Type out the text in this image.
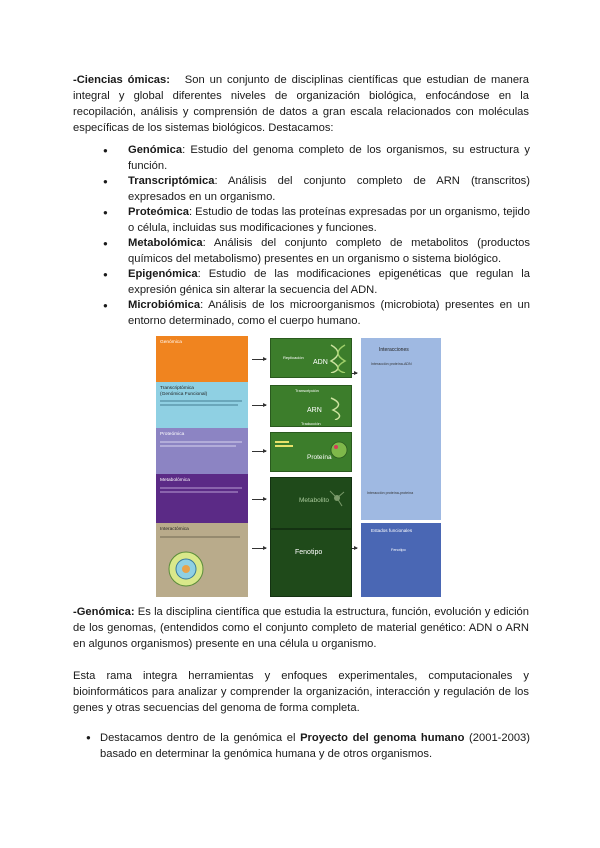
-Ciencias ómicas: Son un conjunto de disciplinas científicas que estudian de manera integral y global diferentes niveles de organización biológica, enfocándose en la recopilación, análisis y comprensión de datos a gran escala relacionados con moléculas específicas de los sistemas biológicos. Destacamos:
● Genómica: Estudio del genoma completo de los organismos, su estructura y función.
● Transcriptómica: Análisis del conjunto completo de ARN (transcritos) expresados en un organismo.
● Proteómica: Estudio de todas las proteínas expresadas por un organismo, tejido o célula, incluidas sus modificaciones y funciones.
● Metabolómica: Análisis del conjunto completo de metabolitos (productos químicos del metabolismo) presentes en un organismo o sistema biológico.
● Epigenómica: Estudio de las modificaciones epigenéticas que regulan la expresión génica sin alterar la secuencia del ADN.
● Microbiómica: Análisis de los microorganismos (microbiota) presentes en un entorno determinado, como el cuerpo humano.
Genómica
Transcriptómica
(Genómica Funcional)
Proteómica
Metabolómica
Interactómica
Replicación
ADN
Transcripción
ARN
Traducción
Proteína
Metabolito
Fenotipo
Interacciones
Interacción proteína-ADN
Interacción proteína-proteína
Estados funcionales
Fenotipo
-Genómica: Es la disciplina científica que estudia la estructura, función, evolución y edición de los genomas, (entendidos como el conjunto completo de material genético: ADN o ARN en algunos organismos) presente en una célula u organismo.
Esta rama integra herramientas y enfoques experimentales, computacionales y bioinformáticos para analizar y comprender la organización, interacción y regulación de los genes y otras secuencias del genoma de forma completa.
● Destacamos dentro de la genómica el Proyecto del genoma humano (2001-2003) basado en determinar la genómica humana y de otros organismos.
